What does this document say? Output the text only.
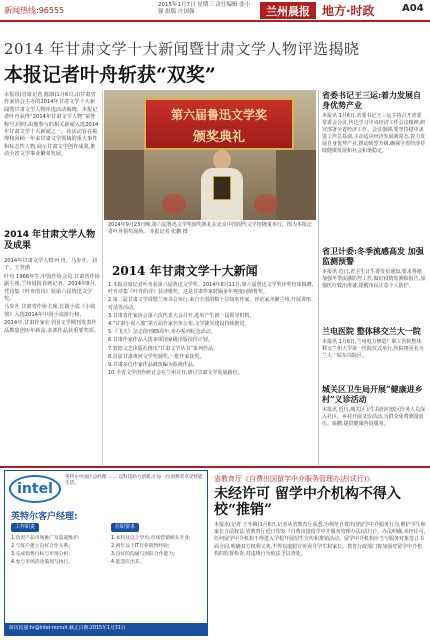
新闻热线:96555
2015年1月7日 星期三 责任编辑 张小强 组版 庄国强	兰州晨报	地方·时政	A04
2014 年甘肃文学十大新闻暨甘肃文学人物评选揭晓
本报记者叶舟斩获“双奖”
本报讯(首席记者 陈康)1月6日,由甘肃省作家协会主办的2014年甘肃文学十大新闻暨甘肃文学人物评选活动揭晓。本报记者叶舟获得“2014年甘肃文学人物”荣誉称号,同时,由他参与的相关新闻入选2014年甘肃文学十大新闻之一。该活动旨在梳理和回顾一年来甘肃文学领域的重大事件和标志性人物,展示甘肃文学创作成果,推动全省文学事业繁荣发展。
2014 年甘肃文学人物及成果
2014年甘肃文学人物:叶舟、马步升、刘子、王登渤
叶舟 1966年生,中国作协会员,甘肃省作协副主席,兰州晨报首席记者。2014年8月,凭诗集《叶舟的诗》获第六届鲁迅文学奖。
马步升 甘肃省作协主席,长篇小说《小收煞》入选2014年中国小说排行榜。
2014年,甘肃作家在全国文学期刊发表作品数量创历年新高,多部作品获重要奖项。
第六届鲁迅文学奖
颁奖典礼
2014年9月23日晚,第六届鲁迅文学奖颁奖典礼在北京中国现代文学馆隆重举行。图为本报记者叶舟领奖现场。 本报记者 张鹏 摄
2014 年甘肃文学十大新闻

1.本报首席记者叶舟获第六届鲁迅文学奖。2014年8月11日,第六届鲁迅文学奖评奖结果揭晓,叶舟诗集《叶舟的诗》获诗歌奖。这是甘肃作家时隔多年再度问鼎鲁奖。

2.第二届甘肃文学周暨兰州书会举行,来自全国的数十位知名作家、评论家齐聚兰州,开展讲座、对话等活动。

3.甘肃省作家协会第六次代表大会召开,选举产生新一届领导机构。

4.“甘肃小说八骏”第五届作家名单公布,文学陇军建设持续推进。

5.《飞天》杂志创刊65周年,举办系列纪念活动。

6.甘肃作家作品入选多项国家级出版扶持计划。

7.敦煌文艺出版社推出“甘肃文学丛书”系列作品。

8.首届甘肃黄河文学奖颁奖,一批作家获奖。

9.甘肃多位作家作品被改编为影视作品。

10.全省文学创作研讨会在兰州召开,研讨甘肃文学发展路径。

省委书记王三运:着力发展自身优势产业
本报讯 1月6日,省委书记王三运主持召开省委常委会会议,传达学习中央经济工作会议精神,研究部署全省经济工作。会议强调,要坚持稳中求进工作总基调,主动适应经济发展新常态,着力发展自身优势产业,推动转型升级,确保全省经济持续健康发展和社会和谐稳定。
省卫计委:冬季流感高发 加强监测预警
本报讯 近日,省卫生计生委发布通知,要求各地加强冬季流感防控工作,做好疫情监测和报告,加强医疗救治准备,提醒市民注意个人防护。
兰电医院 整体移交兰大一院
本报讯 1月6日,兰州电力修造厂职工医院整体移交兰州大学第一医院仪式举行,医院将更名为兰大一院东岗院区。
城关区卫生局开展“健康进乡村”义诊活动
本报讯 近日,城关区卫生局组织辖区医务人员深入社区、乡村开展义诊活动,为群众免费测量血压、血糖,提供健康咨询服务。
intel
英特尔中国区总经理 …… 以科技助力创新,让每一位消费者享受智能生活。
英特尔客户经理:
工作职责	任职要求
1.负责产品市场推广及渠道维护;
2.与客户建立良好合作关系;
3.完成销售目标与市场分析;
4.参与市场活动策划与执行。
1.本科及以上学历,市场营销相关专业;
2.两年以上IT行业销售经验;
3.良好的沟通与团队合作能力;
4.能适应出差。
简历投递:hr@intel-recruit 截止日期:2015年1月31日
省教育厅《自费出国留学中介服务管理办法(试行)》
未经许可 留学中介机构不得入校“推销”
本报讯(记者 王冬梅)1月6日,记者从省教育厅获悉,为规范自费出国留学中介服务行为,维护学生和家长合法权益,省教育厅近日印发《自费出国留学中介服务管理办法(试行)》。办法明确,未经许可,任何留学中介机构不得进入学校开展招生宣传和推销活动。留学中介机构应当与服务对象签订书面合同,明确双方权利义务,不得以虚假宣传误导学生和家长。教育行政部门将加强对留学中介机构的监督检查,对违规行为依法予以查处。
